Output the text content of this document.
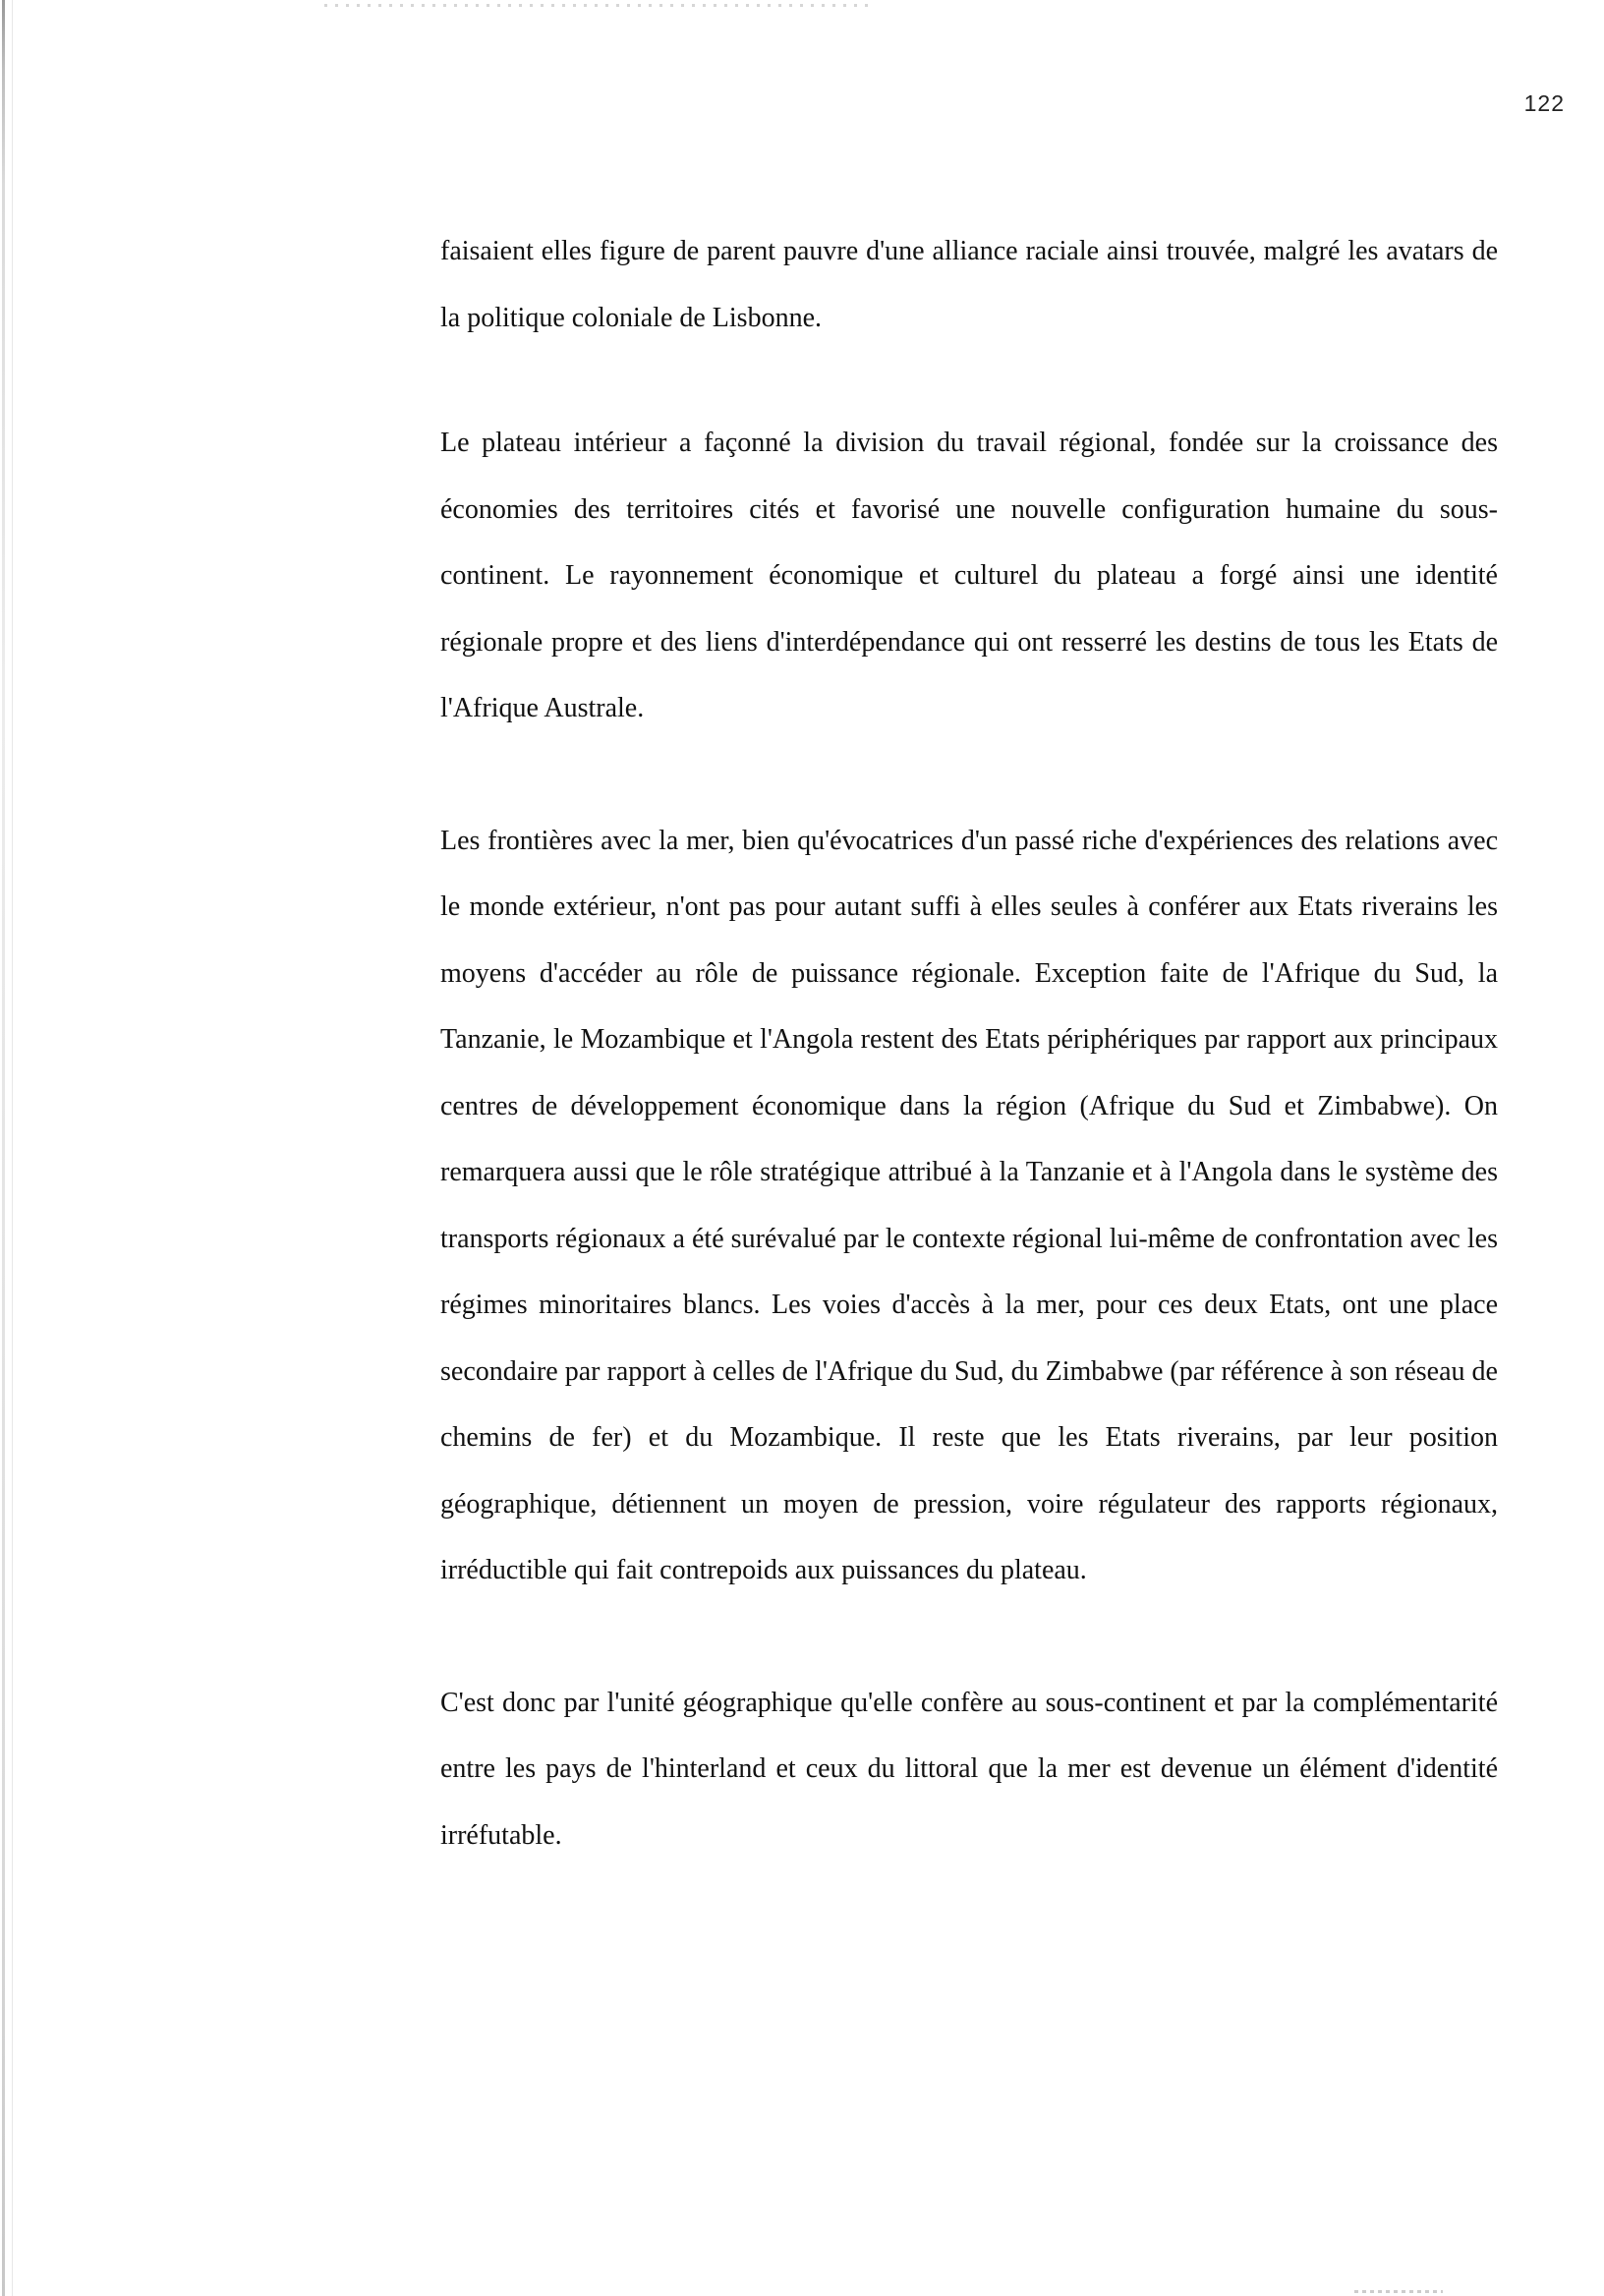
122

faisaient elles figure de parent pauvre d'une alliance raciale ainsi trouvée, malgré les avatars de la politique coloniale de Lisbonne.

Le plateau intérieur a façonné la division du travail régional, fondée sur la croissance des économies des territoires cités et favorisé une nouvelle configuration humaine du sous-continent. Le rayonnement économique et culturel du plateau a forgé ainsi une identité régionale propre et des liens d'interdépendance qui ont resserré les destins de tous les Etats de l'Afrique Australe.

Les frontières avec la mer, bien qu'évocatrices d'un passé riche d'expériences des relations avec le monde extérieur, n'ont pas pour autant suffi à elles seules à conférer aux Etats riverains les moyens d'accéder au rôle de puissance régionale. Exception faite de l'Afrique du Sud, la Tanzanie, le Mozambique et l'Angola restent des Etats périphériques par rapport aux principaux centres de développement économique dans la région (Afrique du Sud et Zimbabwe). On remarquera aussi que le rôle stratégique attribué à la Tanzanie et à l'Angola dans le système des transports régionaux a été surévalué par le contexte régional lui-même de confrontation avec les régimes minoritaires blancs. Les voies d'accès à la mer, pour ces deux Etats, ont une place secondaire par rapport à celles de l'Afrique du Sud, du Zimbabwe (par référence à son réseau de chemins de fer) et du Mozambique. Il reste que les Etats riverains, par leur position géographique, détiennent un moyen de pression, voire régulateur des rapports régionaux, irréductible qui fait contrepoids aux puissances du plateau.

C'est donc par l'unité géographique qu'elle confère au sous-continent et par la complémentarité entre les pays de l'hinterland et ceux du littoral que la mer est devenue un élément d'identité irréfutable.
